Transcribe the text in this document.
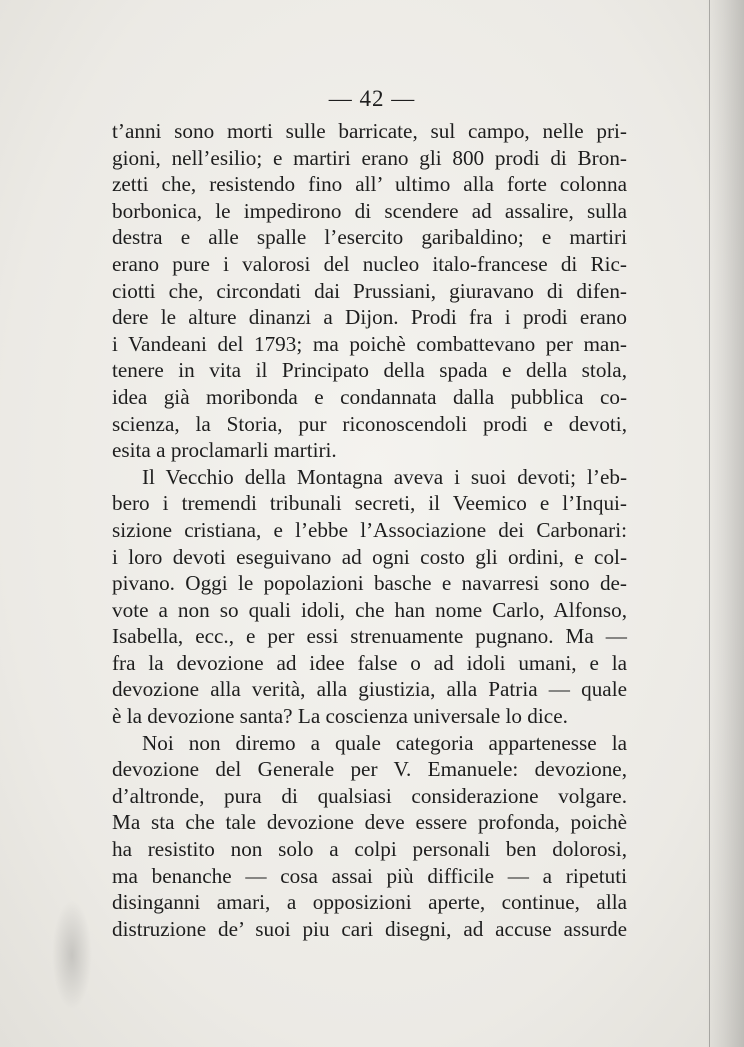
— 42 —
t’anni sono morti sulle barricate, sul campo, nelle pri-
gioni, nell’esilio; e martiri erano gli 800 prodi di Bron-
zetti che, resistendo fino all’ ultimo alla forte colonna
borbonica, le impedirono di scendere ad assalire, sulla
destra e alle spalle l’esercito garibaldino; e martiri
erano pure i valorosi del nucleo italo-francese di Ric-
ciotti che, circondati dai Prussiani, giuravano di difen-
dere le alture dinanzi a Dijon. Prodi fra i prodi erano
i Vandeani del 1793; ma poichè combattevano per man-
tenere in vita il Principato della spada e della stola,
idea già moribonda e condannata dalla pubblica co-
scienza, la Storia, pur riconoscendoli prodi e devoti,
esita a proclamarli martiri.
Il Vecchio della Montagna aveva i suoi devoti; l’eb-
bero i tremendi tribunali secreti, il Veemico e l’Inqui-
sizione cristiana, e l’ebbe l’Associazione dei Carbonari:
i loro devoti eseguivano ad ogni costo gli ordini, e col-
pivano. Oggi le popolazioni basche e navarresi sono de-
vote a non so quali idoli, che han nome Carlo, Alfonso,
Isabella, ecc., e per essi strenuamente pugnano. Ma —
fra la devozione ad idee false o ad idoli umani, e la
devozione alla verità, alla giustizia, alla Patria — quale
è la devozione santa? La coscienza universale lo dice.
Noi non diremo a quale categoria appartenesse la
devozione del Generale per V. Emanuele: devozione,
d’altronde, pura di qualsiasi considerazione volgare.
Ma sta che tale devozione deve essere profonda, poichè
ha resistito non solo a colpi personali ben dolorosi,
ma benanche — cosa assai più difficile — a ripetuti
disinganni amari, a opposizioni aperte, continue, alla
distruzione de’ suoi piu cari disegni, ad accuse assurde
